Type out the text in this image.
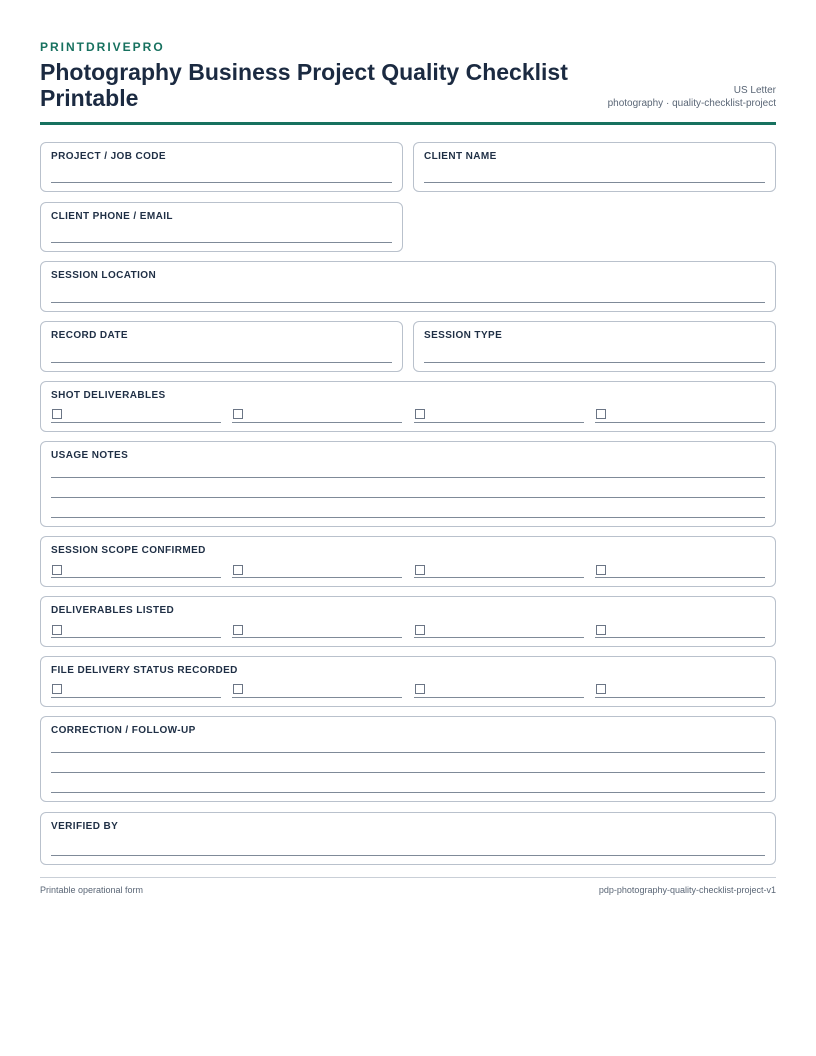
PRINTDRIVEPRO
Photography Business Project Quality Checklist Printable	US Letter
photography · quality-checklist-project
PROJECT / JOB CODE	CLIENT NAME
CLIENT PHONE / EMAIL
SESSION LOCATION
RECORD DATE	SESSION TYPE
SHOT DELIVERABLES
USAGE NOTES
SESSION SCOPE CONFIRMED
DELIVERABLES LISTED
FILE DELIVERY STATUS RECORDED
CORRECTION / FOLLOW-UP
VERIFIED BY
Printable operational form	pdp-photography-quality-checklist-project-v1
